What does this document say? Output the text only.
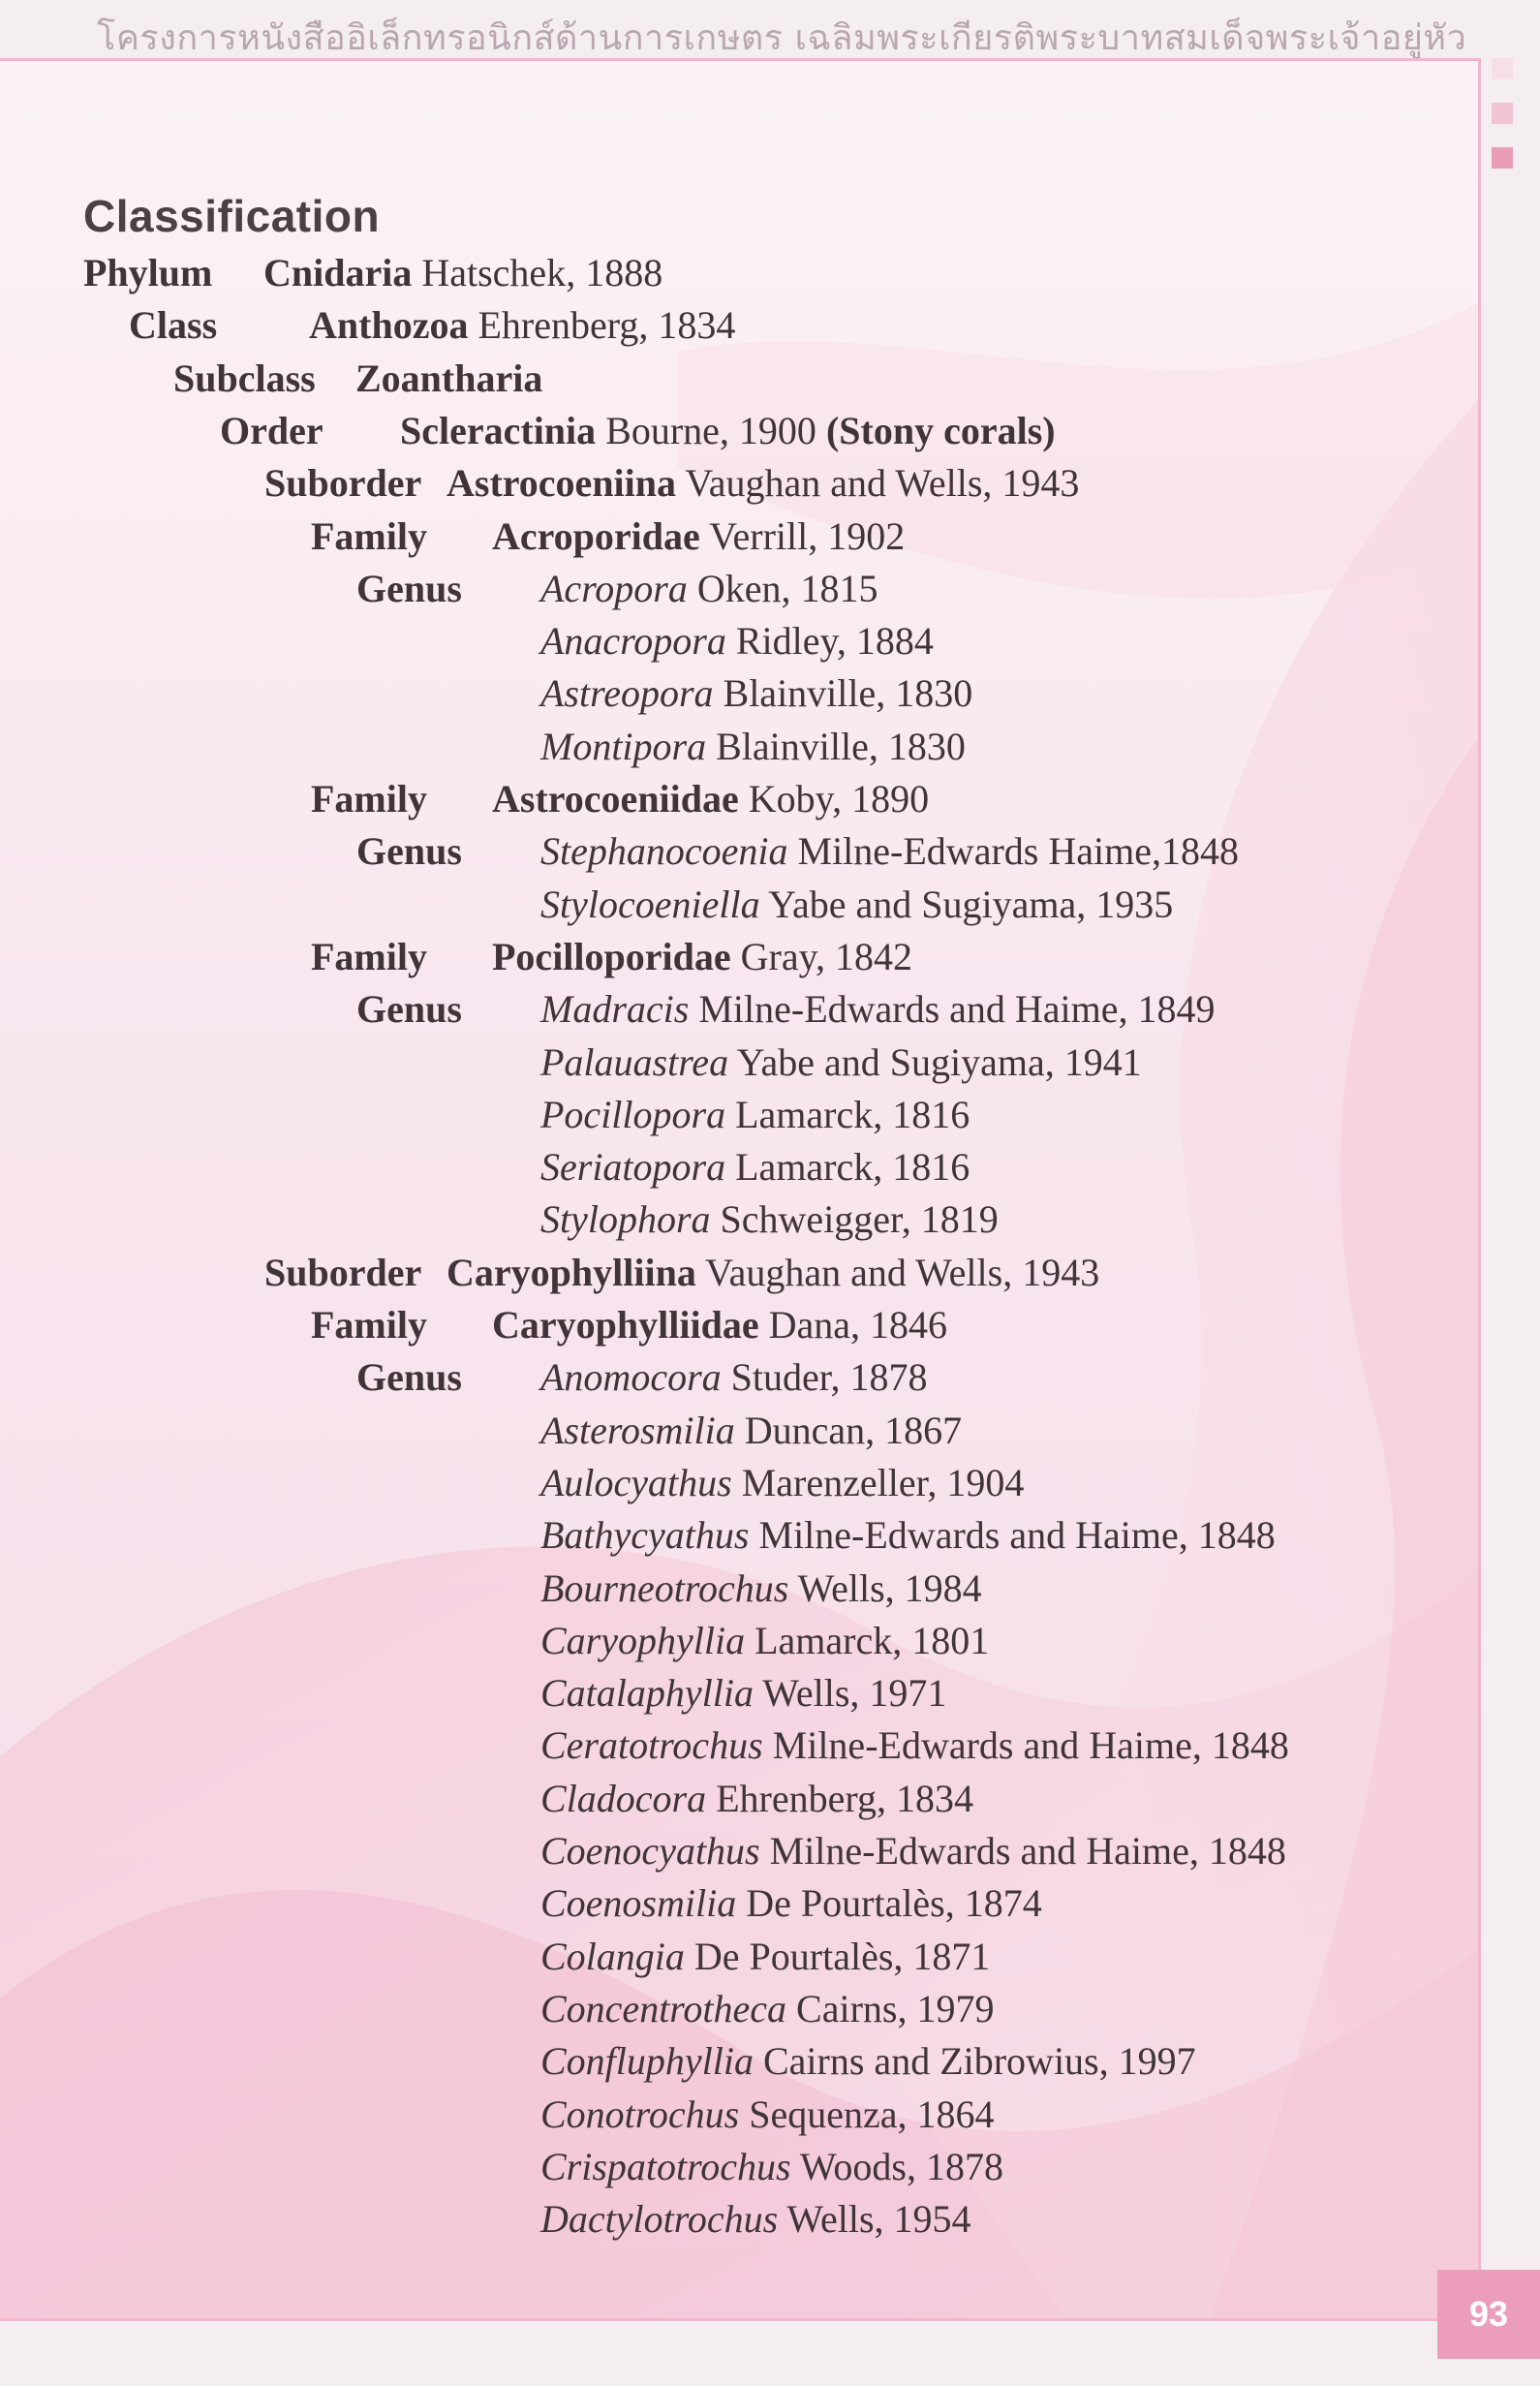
โครงการหนังสืออิเล็กทรอนิกส์ด้านการเกษตร เฉลิมพระเกียรติพระบาทสมเด็จพระเจ้าอยู่หัว
Classification
Phylum Cnidaria Hatschek, 1888
Class Anthozoa Ehrenberg, 1834
Subclass Zoantharia
Order Scleractinia Bourne, 1900 (Stony corals)
Suborder Astrocoeniina Vaughan and Wells, 1943
Family Acroporidae Verrill, 1902
Genus Acropora Oken, 1815
Anacropora Ridley, 1884
Astreopora Blainville, 1830
Montipora Blainville, 1830
Family Astrocoeniidae Koby, 1890
Genus Stephanocoenia Milne-Edwards Haime,1848
Stylocoeniella Yabe and Sugiyama, 1935
Family Pocilloporidae Gray, 1842
Genus Madracis Milne-Edwards and Haime, 1849
Palauastrea Yabe and Sugiyama, 1941
Pocillopora Lamarck, 1816
Seriatopora Lamarck, 1816
Stylophora Schweigger, 1819
Suborder Caryophylliina Vaughan and Wells, 1943
Family Caryophylliidae Dana, 1846
Genus Anomocora Studer, 1878
Asterosmilia Duncan, 1867
Aulocyathus Marenzeller, 1904
Bathycyathus Milne-Edwards and Haime, 1848
Bourneotrochus Wells, 1984
Caryophyllia Lamarck, 1801
Catalaphyllia Wells, 1971
Ceratotrochus Milne-Edwards and Haime, 1848
Cladocora Ehrenberg, 1834
Coenocyathus Milne-Edwards and Haime, 1848
Coenosmilia De Pourtalès, 1874
Colangia De Pourtalès, 1871
Concentrotheca Cairns, 1979
Confluphyllia Cairns and Zibrowius, 1997
Conotrochus Sequenza, 1864
Crispatotrochus Woods, 1878
Dactylotrochus Wells, 1954
93
